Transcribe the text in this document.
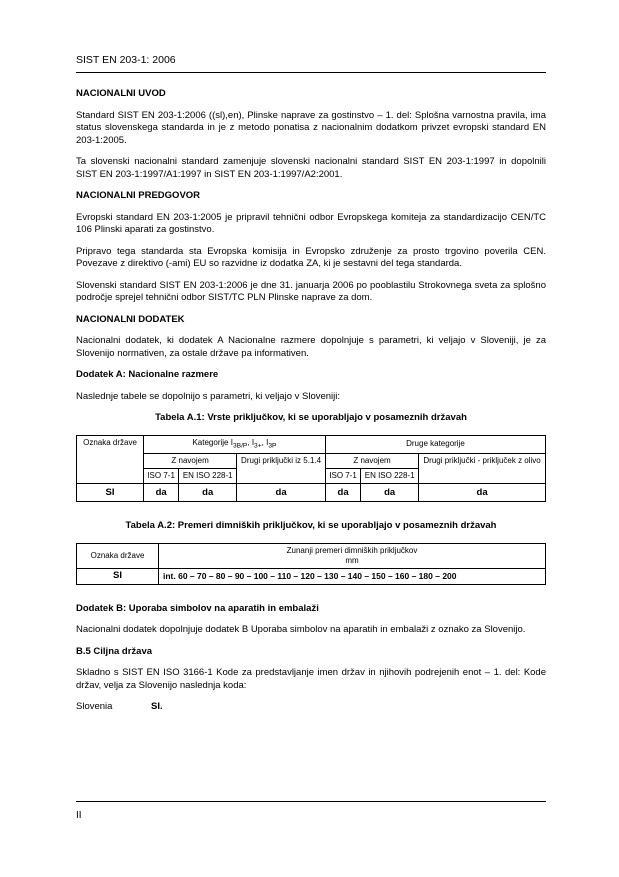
SIST EN 203-1: 2006
NACIONALNI UVOD

Standard SIST EN 203-1:2006 ((sl),en), Plinske naprave za gostinstvo – 1. del: Splošna varnostna pravila, ima status slovenskega standarda in je z metodo ponatisa z nacionalnim dodatkom privzet evropski standard EN 203-1:2005.

Ta slovenski nacionalni standard zamenjuje slovenski nacionalni standard SIST EN 203-1:1997 in dopolnili SIST EN 203-1:1997/A1:1997 in SIST EN 203-1:1997/A2:2001.

NACIONALNI PREDGOVOR

Evropski standard EN 203-1:2005 je pripravil tehnični odbor Evropskega komiteja za standardizacijo CEN/TC 106 Plinski aparati za gostinstvo.

Pripravo tega standarda sta Evropska komisija in Evropsko združenje za prosto trgovino poverila CEN. Povezave z direktivo (-ami) EU so razvidne iz dodatka ZA, ki je sestavni del tega standarda.

Slovenski standard SIST EN 203-1:2006 je dne 31. januarja 2006 po pooblastilu Strokovnega sveta za splošno področje sprejel tehnični odbor SIST/TC PLN Plinske naprave za dom.

NACIONALNI DODATEK

Nacionalni dodatek, ki dodatek A Nacionalne razmere dopolnjuje s parametri, ki veljajo v Sloveniji, je za Slovenijo normativen, za ostale države pa informativen.

Dodatek A: Nacionalne razmere

Naslednje tabele se dopolnijo s parametri, ki veljajo v Sloveniji:

Tabela A.1: Vrste priključkov, ki se uporabljajo v posameznih državah
Oznaka države	Kategorije $I_{3B/P}$, $I_{3+}$, $I_{3P}$			Druge kategorije		
	Z navojem		Drugi priključki iz 5.1.4	Z navojem		Drugi priključki - priključek z olivo
	ISO 7-1	EN ISO 228-1		ISO 7-1	EN ISO 228-1	
SI	da	da	da	da	da	da
Tabela A.2: Premeri dimniških priključkov, ki se uporabljajo v posameznih državah
Oznaka države	Zunanji premeri dimniških priključkov
mm
SI	int. 60 – 70 – 80 – 90 – 100 – 110 – 120 – 130 – 140 – 150 – 160 – 180 – 200
Dodatek B: Uporaba simbolov na aparatih in embalaži

Nacionalni dodatek dopolnjuje dodatek B Uporaba simbolov na aparatih in embalaži z oznako za Slovenijo.

B.5 Ciljna država

Skladno s SIST EN ISO 3166-1 Kode za predstavljanje imen držav in njihovih podrejenih enot – 1. del: Kode držav, velja za Slovenijo naslednja koda:

Slovenia	SI.
II
